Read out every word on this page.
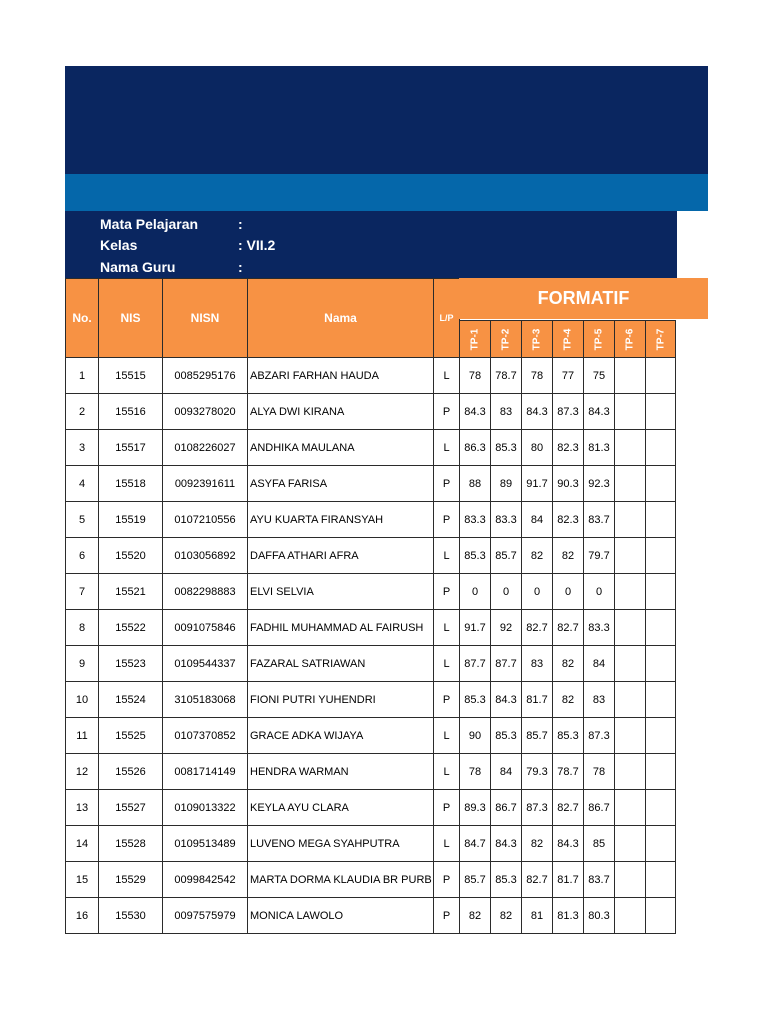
Mata Pelajaran	:
Kelas	: VII.2
Nama Guru	:
No.	NIS	NISN	Nama	L/P							
					TP-1	TP-2	TP-3	TP-4	TP-5	TP-6	TP-7
1	15515	0085295176	ABZARI FARHAN HAUDA	L	78	78.7	78	77	75		
2	15516	0093278020	ALYA DWI KIRANA	P	84.3	83	84.3	87.3	84.3		
3	15517	0108226027	ANDHIKA MAULANA	L	86.3	85.3	80	82.3	81.3		
4	15518	0092391611	ASYFA FARISA	P	88	89	91.7	90.3	92.3		
5	15519	0107210556	AYU KUARTA FIRANSYAH	P	83.3	83.3	84	82.3	83.7		
6	15520	0103056892	DAFFA ATHARI AFRA	L	85.3	85.7	82	82	79.7		
7	15521	0082298883	ELVI SELVIA	P	0	0	0	0	0		
8	15522	0091075846	FADHIL MUHAMMAD AL FAIRUSH	L	91.7	92	82.7	82.7	83.3		
9	15523	0109544337	FAZARAL SATRIAWAN	L	87.7	87.7	83	82	84		
10	15524	3105183068	FIONI PUTRI YUHENDRI	P	85.3	84.3	81.7	82	83		
11	15525	0107370852	GRACE ADKA WIJAYA	L	90	85.3	85.7	85.3	87.3		
12	15526	0081714149	HENDRA WARMAN	L	78	84	79.3	78.7	78		
13	15527	0109013322	KEYLA AYU CLARA	P	89.3	86.7	87.3	82.7	86.7		
14	15528	0109513489	LUVENO MEGA SYAHPUTRA	L	84.7	84.3	82	84.3	85		
15	15529	0099842542	MARTA DORMA KLAUDIA BR PURB	P	85.7	85.3	82.7	81.7	83.7		
16	15530	0097575979	MONICA LAWOLO	P	82	82	81	81.3	80.3		
FORMATIF
